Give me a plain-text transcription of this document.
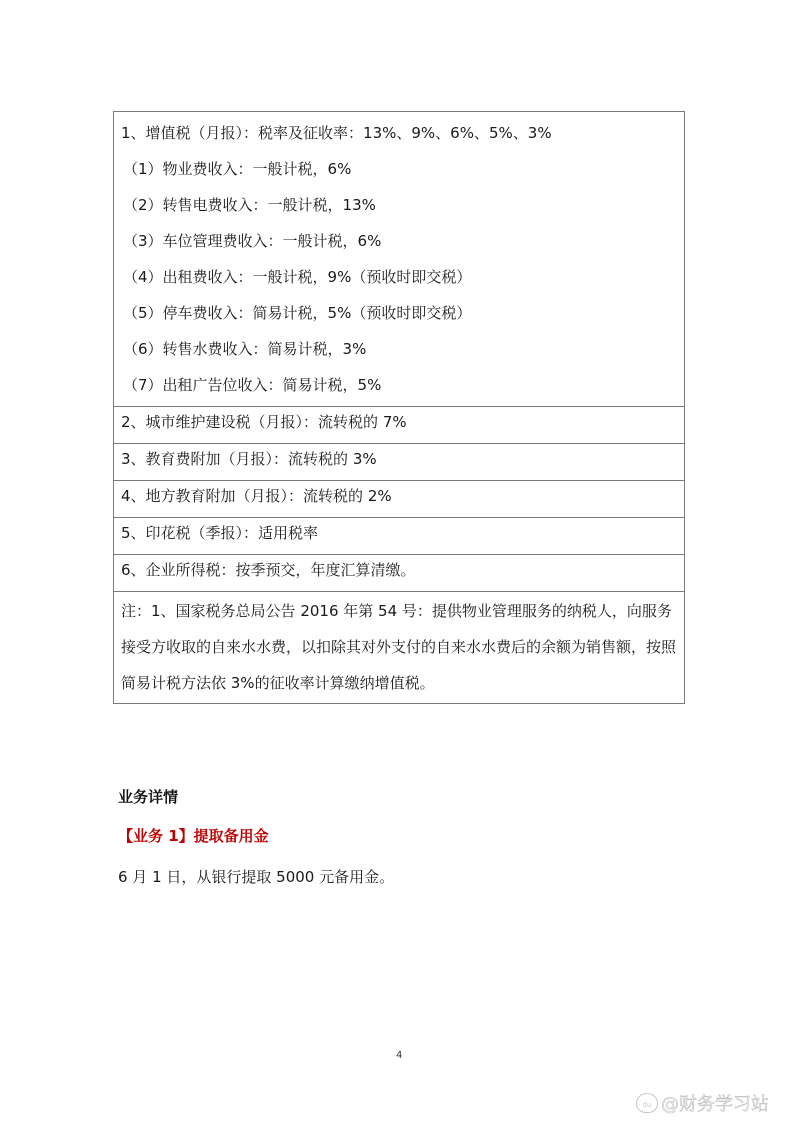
1、增值税（月报）：税率及征收率：13%、9%、6%、5%、3%
（1）物业费收入：一般计税，6%
（2）转售电费收入：一般计税，13%
（3）车位管理费收入：一般计税，6%
（4）出租费收入：一般计税，9%（预收时即交税）
（5）停车费收入：简易计税，5%（预收时即交税）
（6）转售水费收入：简易计税，3%
（7）出租广告位收入：简易计税，5%

2、城市维护建设税（月报）：流转税的 7%
3、教育费附加（月报）：流转税的 3%
4、地方教育附加（月报）：流转税的 2%
5、印花税（季报）：适用税率
6、企业所得税：按季预交，年度汇算清缴。
注：1、国家税务总局公告 2016 年第 54 号：提供物业管理服务的纳税人，向服务接受方收取的自来水水费，以扣除其对外支付的自来水水费后的余额为销售额，按照简易计税方法依 3%的征收率计算缴纳增值税。
业务详情
【业务 1】提取备用金
6 月 1 日，从银行提取 5000 元备用金。
4
du @财务学习站
